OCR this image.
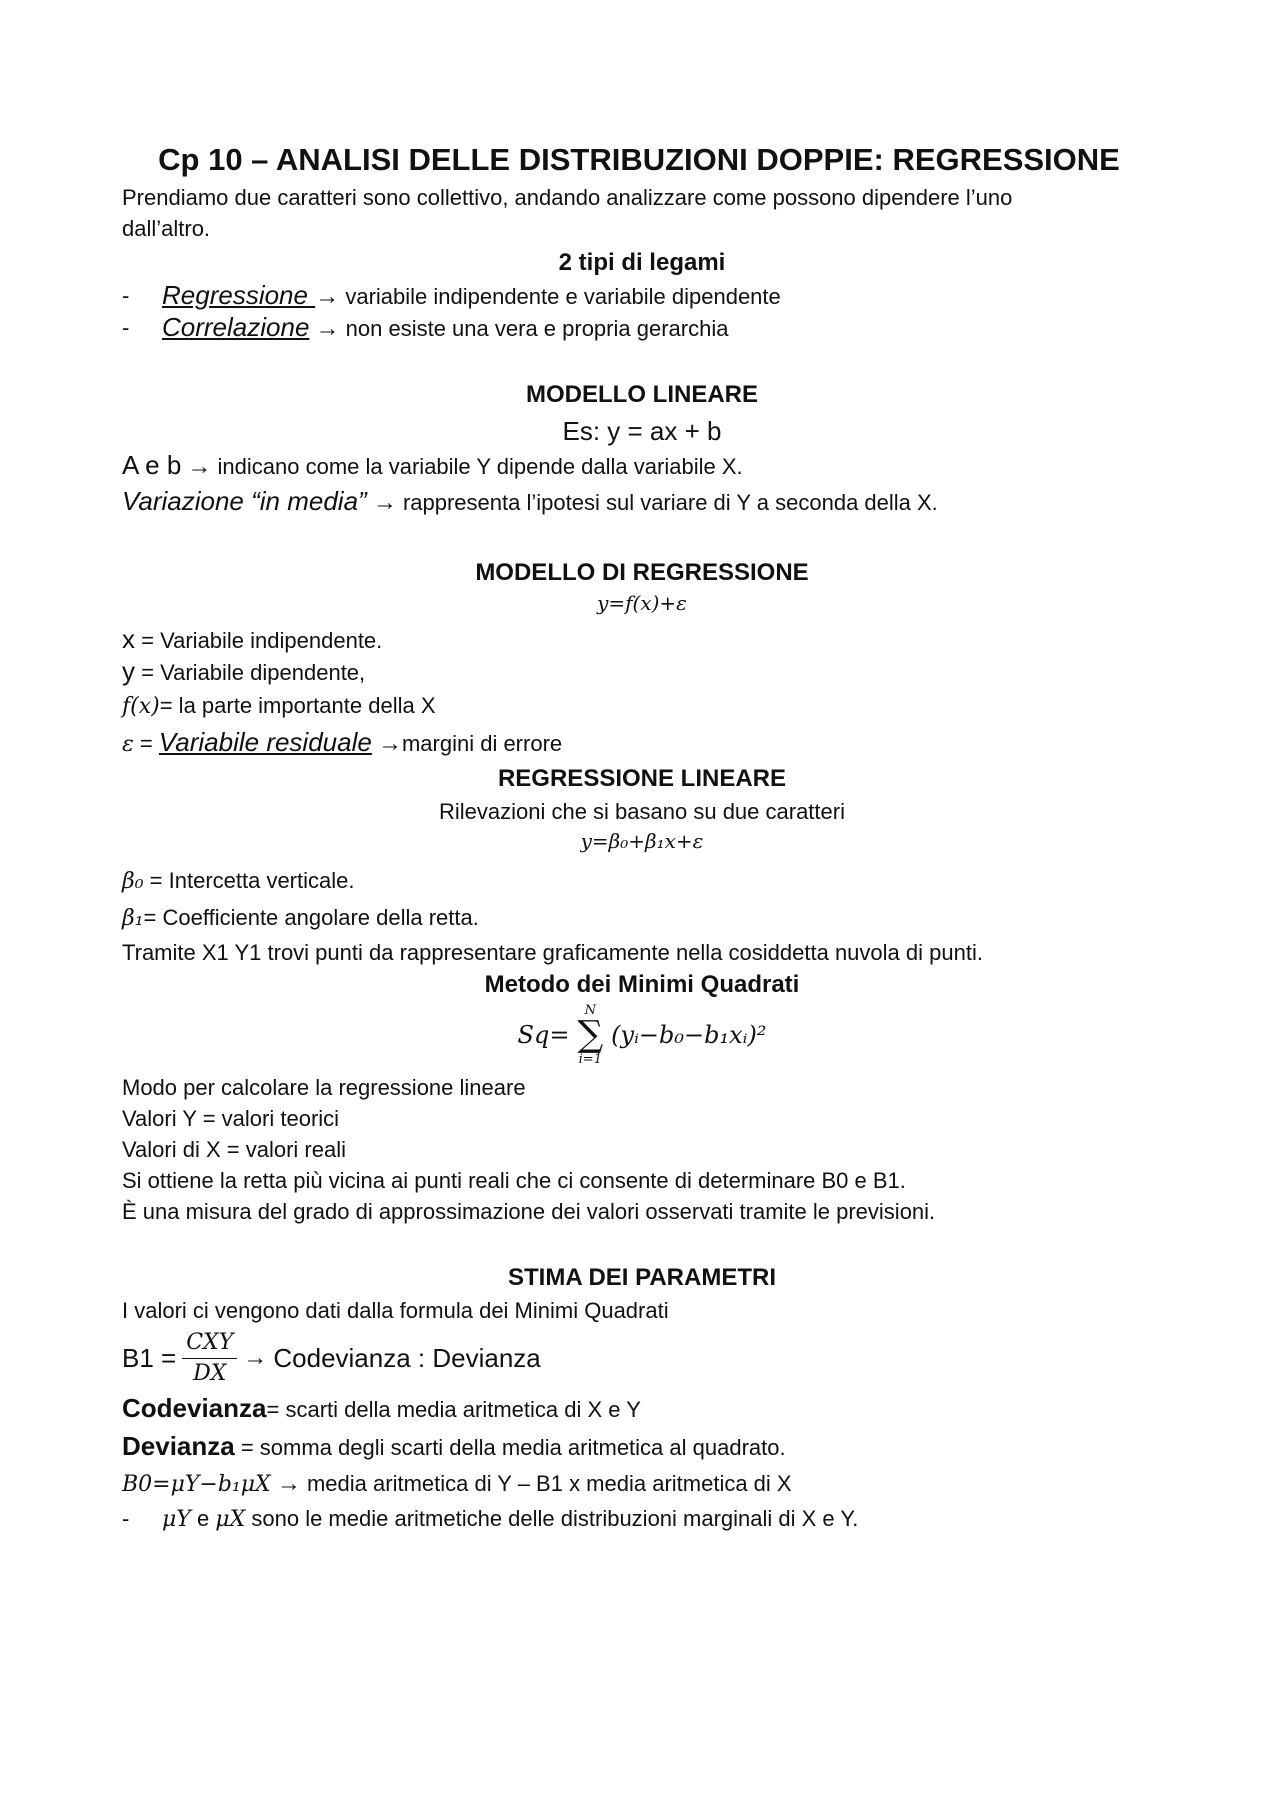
Cp 10 – ANALISI DELLE DISTRIBUZIONI DOPPIE: REGRESSIONE
Prendiamo due caratteri sono collettivo, andando analizzare come possono dipendere l’uno
dall’altro.
2 tipi di legami
- Regressione → variabile indipendente e variabile dipendente
- Correlazione → non esiste una vera e propria gerarchia
MODELLO LINEARE
Es: y = ax + b
A e b → indicano come la variabile Y dipende dalla variabile X.
Variazione “in media” → rappresenta l’ipotesi sul variare di Y a seconda della X.
MODELLO DI REGRESSIONE
y=f(x)+ε
x = Variabile indipendente.
y = Variabile dipendente,
f(x)= la parte importante della X
ε = Variabile residuale →margini di errore
REGRESSIONE LINEARE
Rilevazioni che si basano su due caratteri
y=β₀+β₁x+ε
β₀ = Intercetta verticale.
β₁= Coefficiente angolare della retta.
Tramite X1 Y1 trovi punti da rappresentare graficamente nella cosiddetta nuvola di punti.
Metodo dei Minimi Quadrati
Sq=
N
∑
i=1
(yᵢ−b₀−b₁xᵢ)²
Modo per calcolare la regressione lineare
Valori Y = valori teorici
Valori di X = valori reali
Si ottiene la retta più vicina ai punti reali che ci consente di determinare B0 e B1.
È una misura del grado di approssimazione dei valori osservati tramite le previsioni.
STIMA DEI PARAMETRI
I valori ci vengono dati dalla formula dei Minimi Quadrati
$B1 = \frac{\text{CXY}}{DX}$ →
Codevianza : Devianza
Codevianza= scarti della media aritmetica di X e Y
Devianza = somma degli scarti della media aritmetica al quadrato.
B0=μY−b₁μX → media aritmetica di Y – B1 x media aritmetica di X
- μY e μX sono le medie aritmetiche delle distribuzioni marginali di X e Y.
